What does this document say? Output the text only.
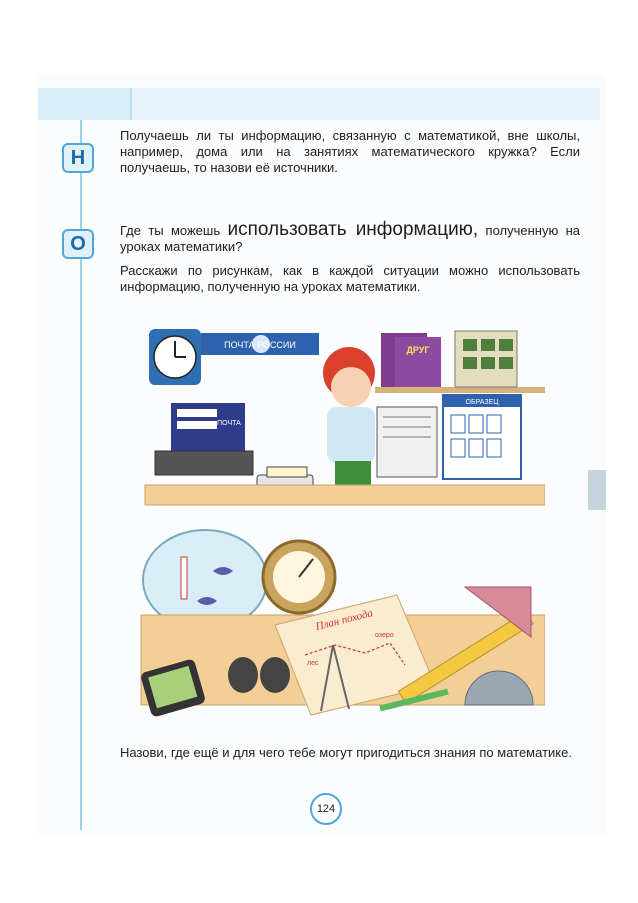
Н

Получаешь ли ты информацию, связанную с математикой, вне школы, например, дома или на занятиях математического кружка? Если получаешь, то назови её источники.

О

Где ты можешь использовать информацию, полученную на уроках математики?

Расскажи по рисункам, как в каждой ситуации можно использовать информацию, полученную на уроках математики.

ПОЧТА РОССИИ	ДРУГ
ПОЧТА
ОБРАЗЕЦ
План похода
лес
озеро

Назови, где ещё и для чего тебе могут пригодиться знания по математике.

124
